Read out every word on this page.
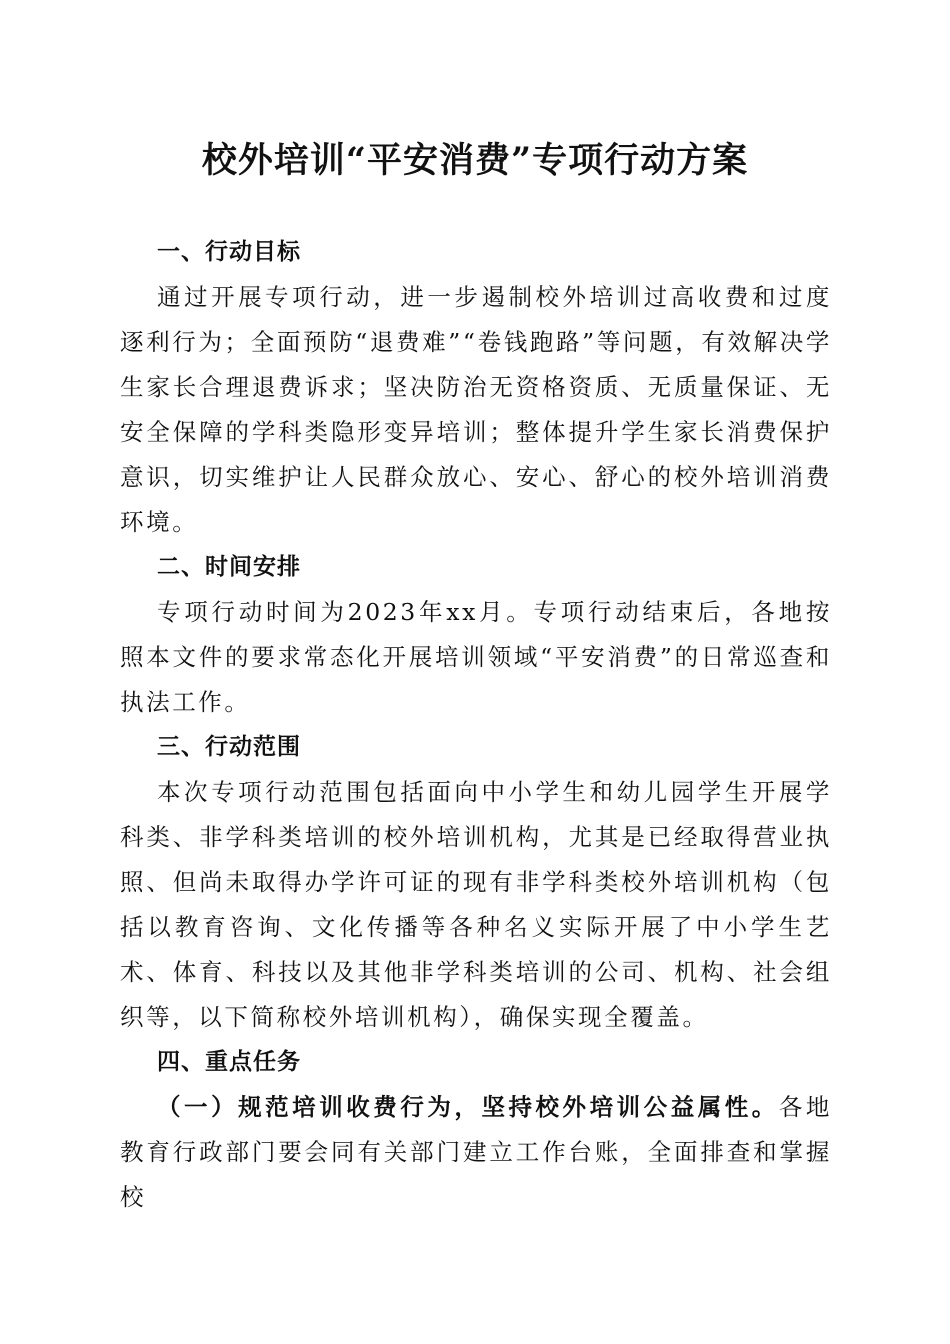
校外培训“平安消费”专项行动方案
一、行动目标

通过开展专项行动，进一步遏制校外培训过高收费和过度逐利行为；全面预防“退费难”“卷钱跑路”等问题，有效解决学生家长合理退费诉求；坚决防治无资格资质、无质量保证、无安全保障的学科类隐形变异培训；整体提升学生家长消费保护意识，切实维护让人民群众放心、安心、舒心的校外培训消费环境。

二、时间安排

专项行动时间为2023年xx月。专项行动结束后，各地按照本文件的要求常态化开展培训领域“平安消费”的日常巡查和执法工作。

三、行动范围

本次专项行动范围包括面向中小学生和幼儿园学生开展学科类、非学科类培训的校外培训机构，尤其是已经取得营业执照、但尚未取得办学许可证的现有非学科类校外培训机构（包括以教育咨询、文化传播等各种名义实际开展了中小学生艺术、体育、科技以及其他非学科类培训的公司、机构、社会组织等，以下简称校外培训机构），确保实现全覆盖。

四、重点任务

（一）规范培训收费行为，坚持校外培训公益属性。各地教育行政部门要会同有关部门建立工作台账，全面排查和掌握校
